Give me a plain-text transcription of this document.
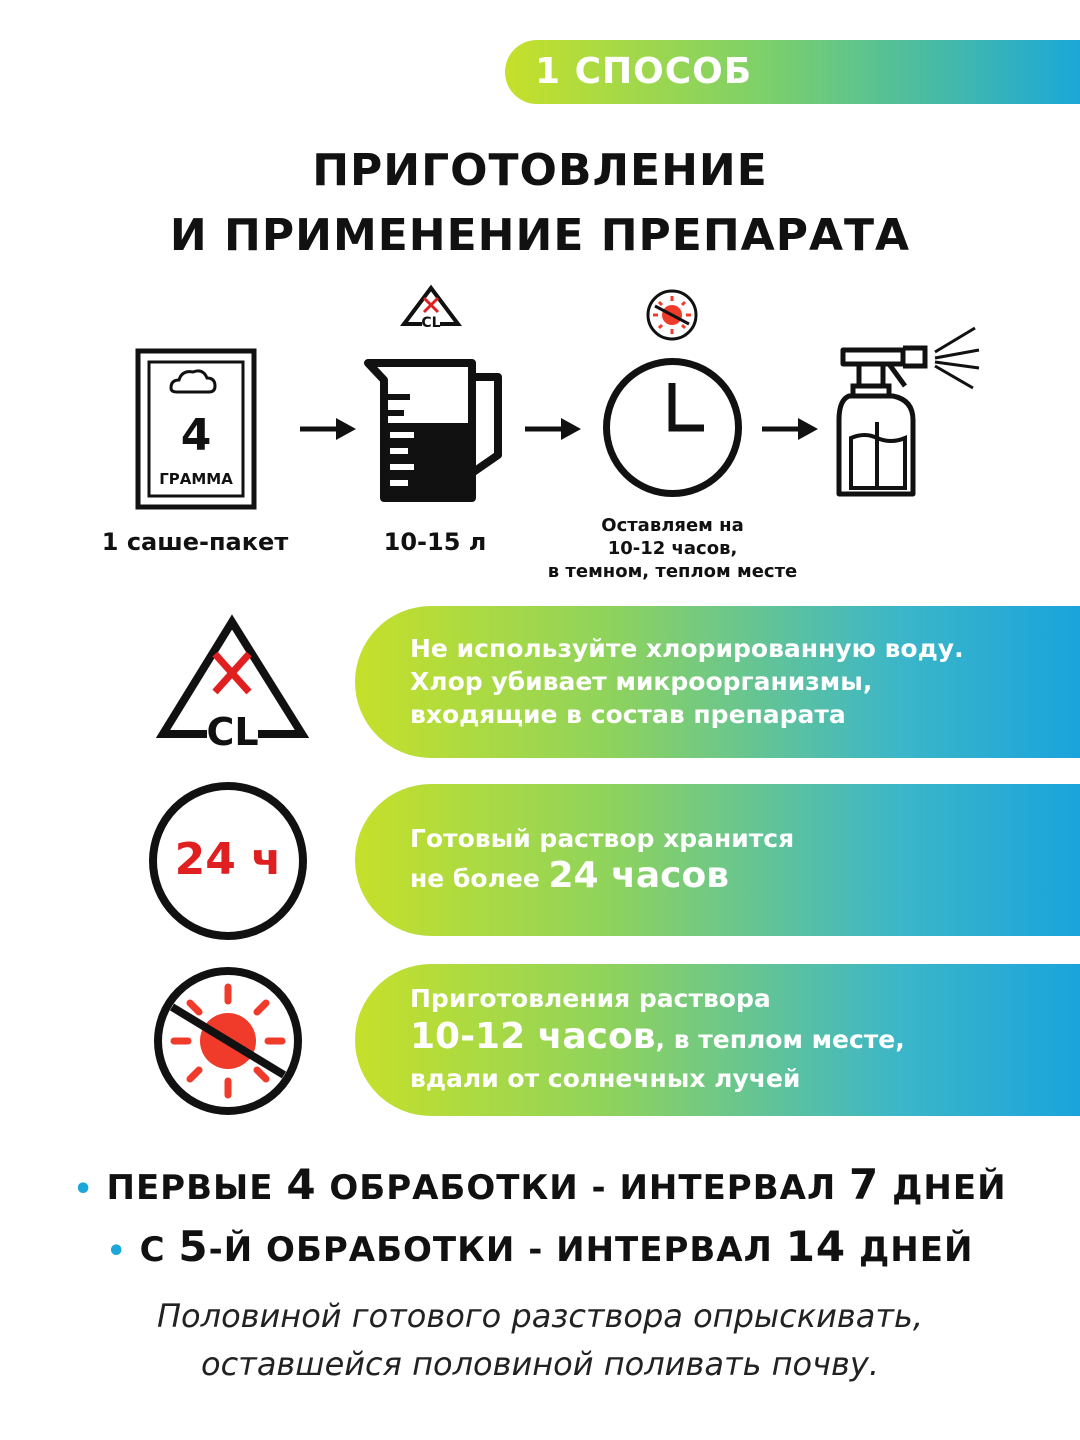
1 СПОСОБ
ПРИГОТОВЛЕНИЕ
И ПРИМЕНЕНИЕ ПРЕПАРАТА
4
ГРАММА
1 саше-пакет
CL
10-15 л
Оставляем на
10-12 часов,
в темном, теплом месте
CL
Не используйте хлорированную воду.
Хлор убивает микроорганизмы,
входящие в состав препарата
24 ч	Готовый раствор хранится
не более 24 часов
Приготовления раствора
10-12 часов, в теплом месте,
вдали от солнечных лучей
• ПЕРВЫЕ 4 ОБРАБОТКИ - ИНТЕРВАЛ 7 ДНЕЙ
• С 5-Й ОБРАБОТКИ - ИНТЕРВАЛ 14 ДНЕЙ
Половиной готового разствора опрыскивать,
оставшейся половиной поливать почву.
